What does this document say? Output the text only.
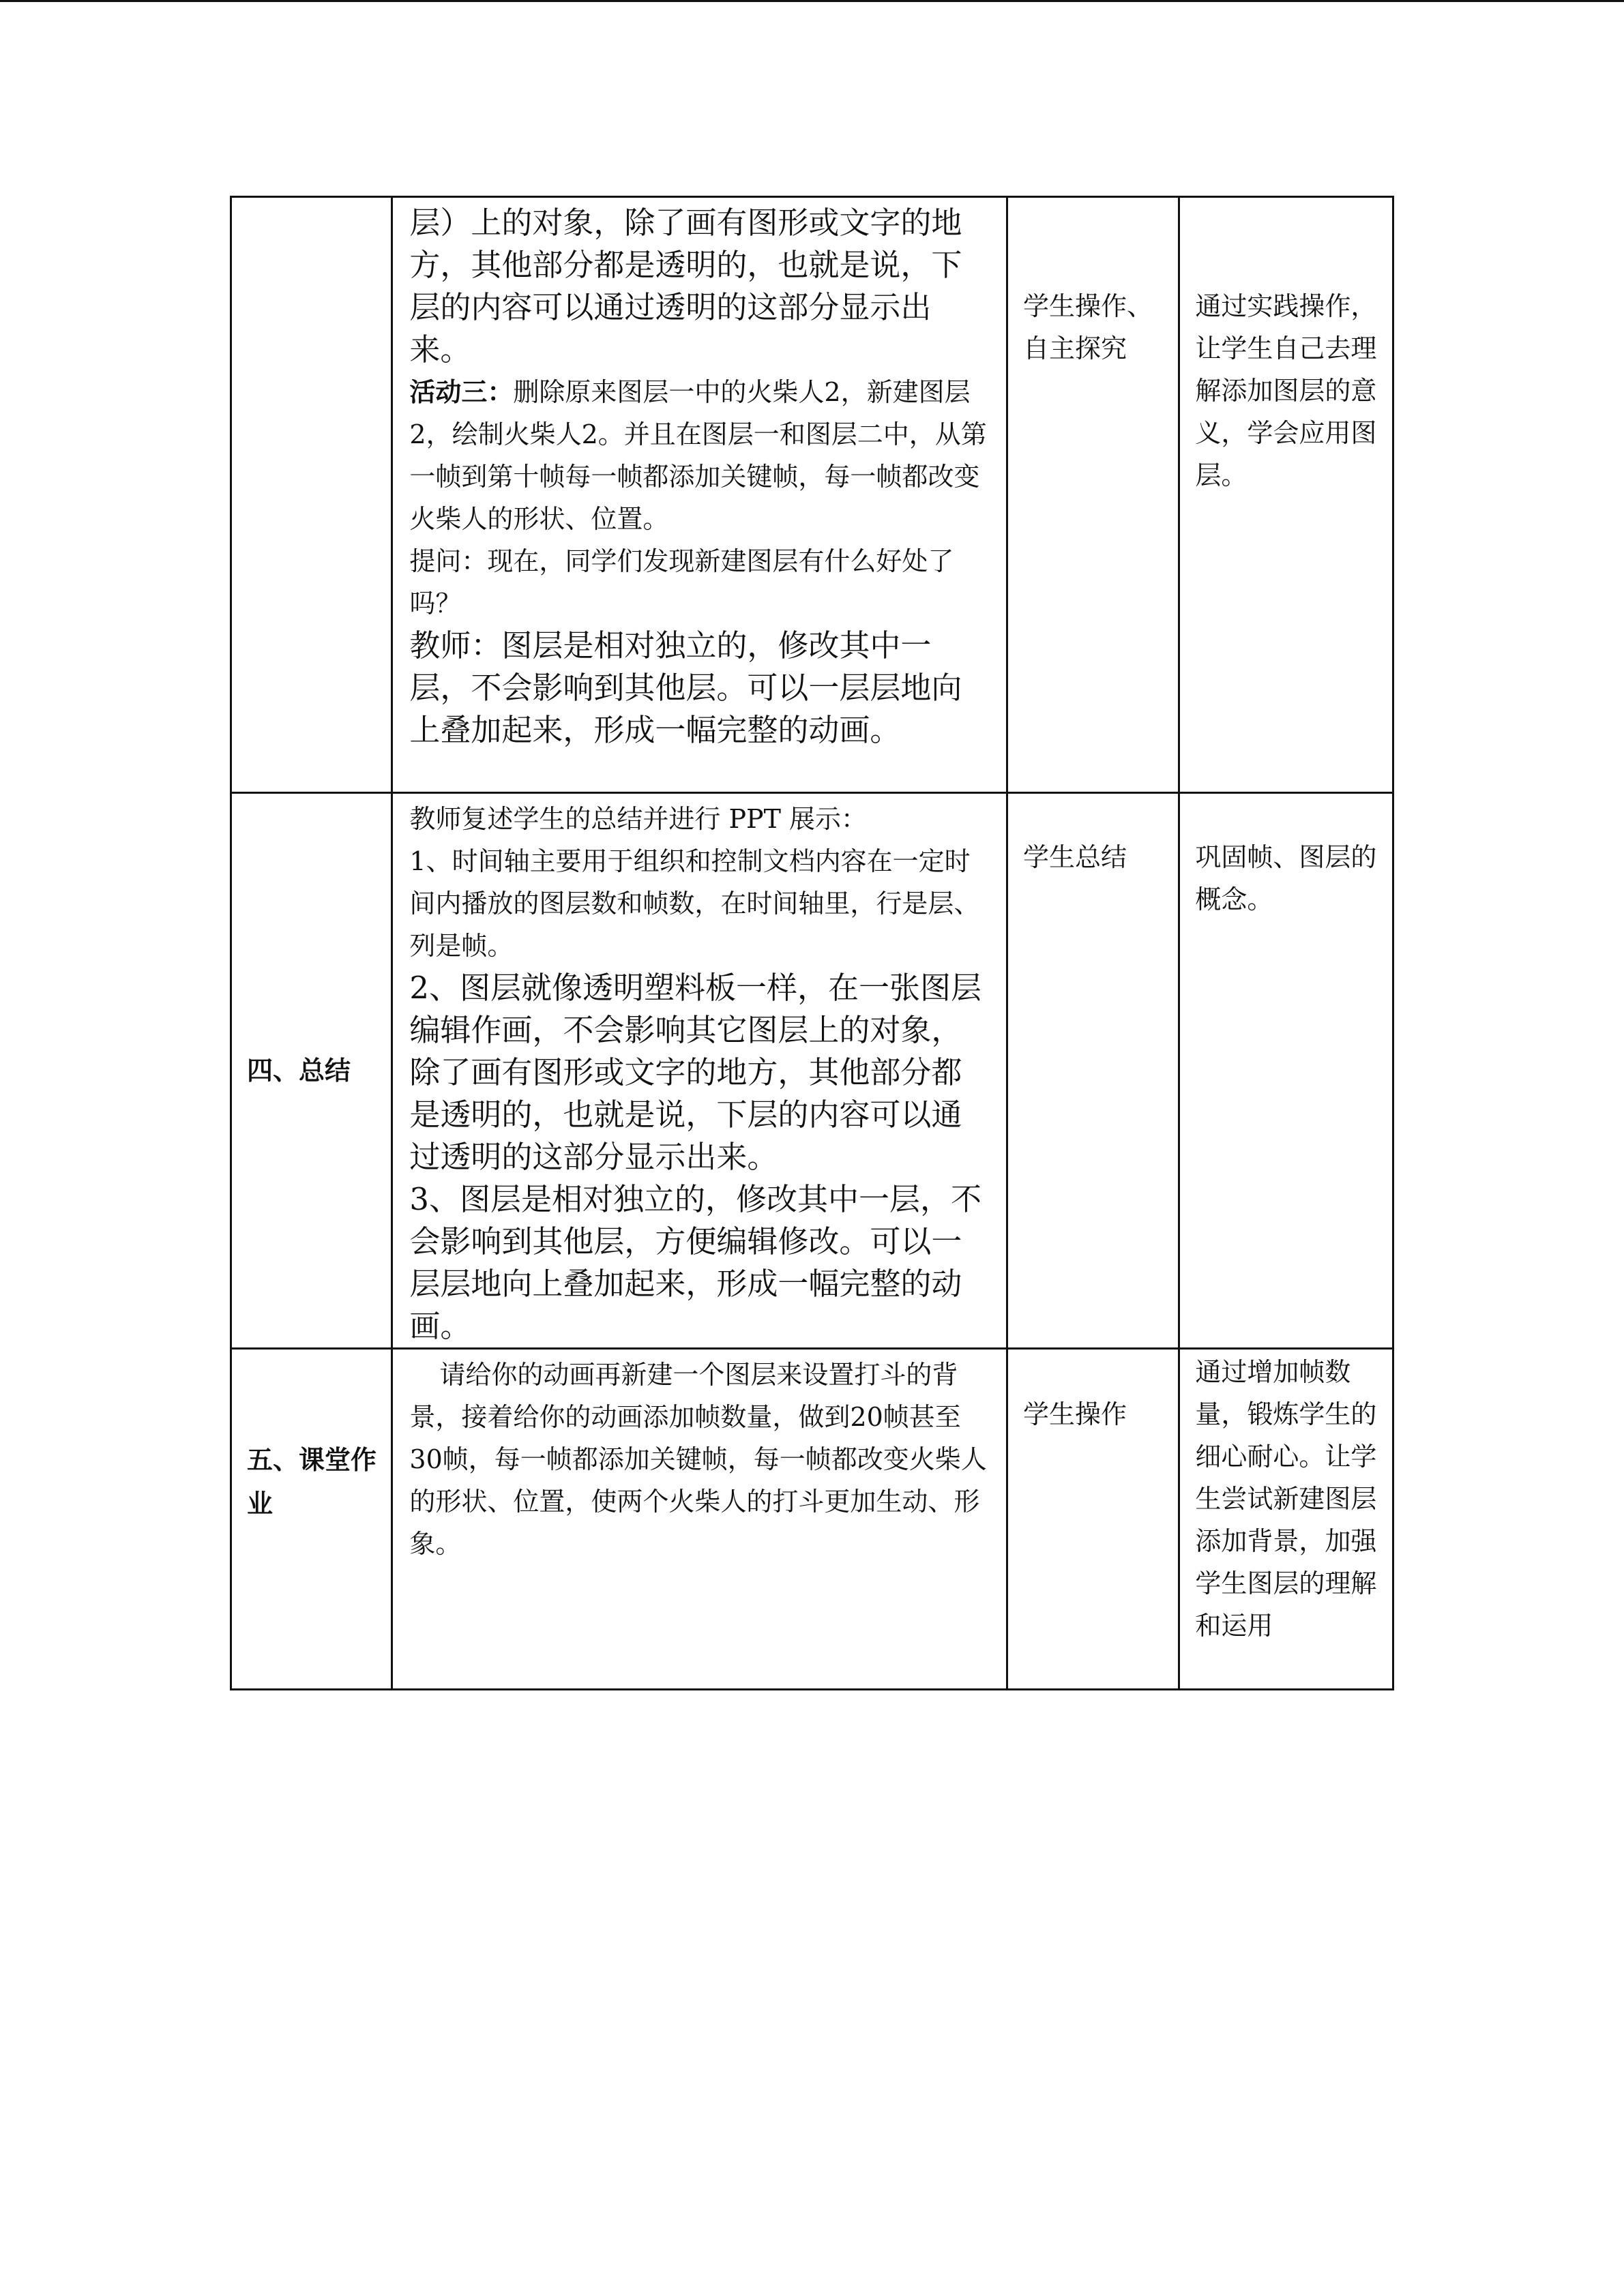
	层）上的对象，除了画有图形或文字的地方，其他部分都是透明的，也就是说，下层的内容可以通过透明的这部分显示出来。

活动三：删除原来图层一中的火柴人2，新建图层2，绘制火柴人2。并且在图层一和图层二中，从第一帧到第十帧每一帧都添加关键帧，每一帧都改变火柴人的形状、位置。

提问：现在，同学们发现新建图层有什么好处了吗？

教师：图层是相对独立的，修改其中一层，不会影响到其他层。可以一层层地向上叠加起来，形成一幅完整的动画。	学生操作、自主探究	通过实践操作，让学生自己去理解添加图层的意义，学会应用图层。

四、总结	教师复述学生的总结并进行 PPT 展示：

1、时间轴主要用于组织和控制文档内容在一定时间内播放的图层数和帧数，在时间轴里，行是层、列是帧。

2、图层就像透明塑料板一样，在一张图层编辑作画，不会影响其它图层上的对象，除了画有图形或文字的地方，其他部分都是透明的，也就是说，下层的内容可以通过透明的这部分显示出来。

3、图层是相对独立的，修改其中一层，不会影响到其他层，方便编辑修改。可以一层层地向上叠加起来，形成一幅完整的动画。	学生总结	巩固帧、图层的概念。

五、课堂作业	请给你的动画再新建一个图层来设置打斗的背景，接着给你的动画添加帧数量，做到20帧甚至30帧，每一帧都添加关键帧，每一帧都改变火柴人的形状、位置，使两个火柴人的打斗更加生动、形象。	学生操作	通过增加帧数量，锻炼学生的细心耐心。让学生尝试新建图层添加背景，加强学生图层的理解和运用
